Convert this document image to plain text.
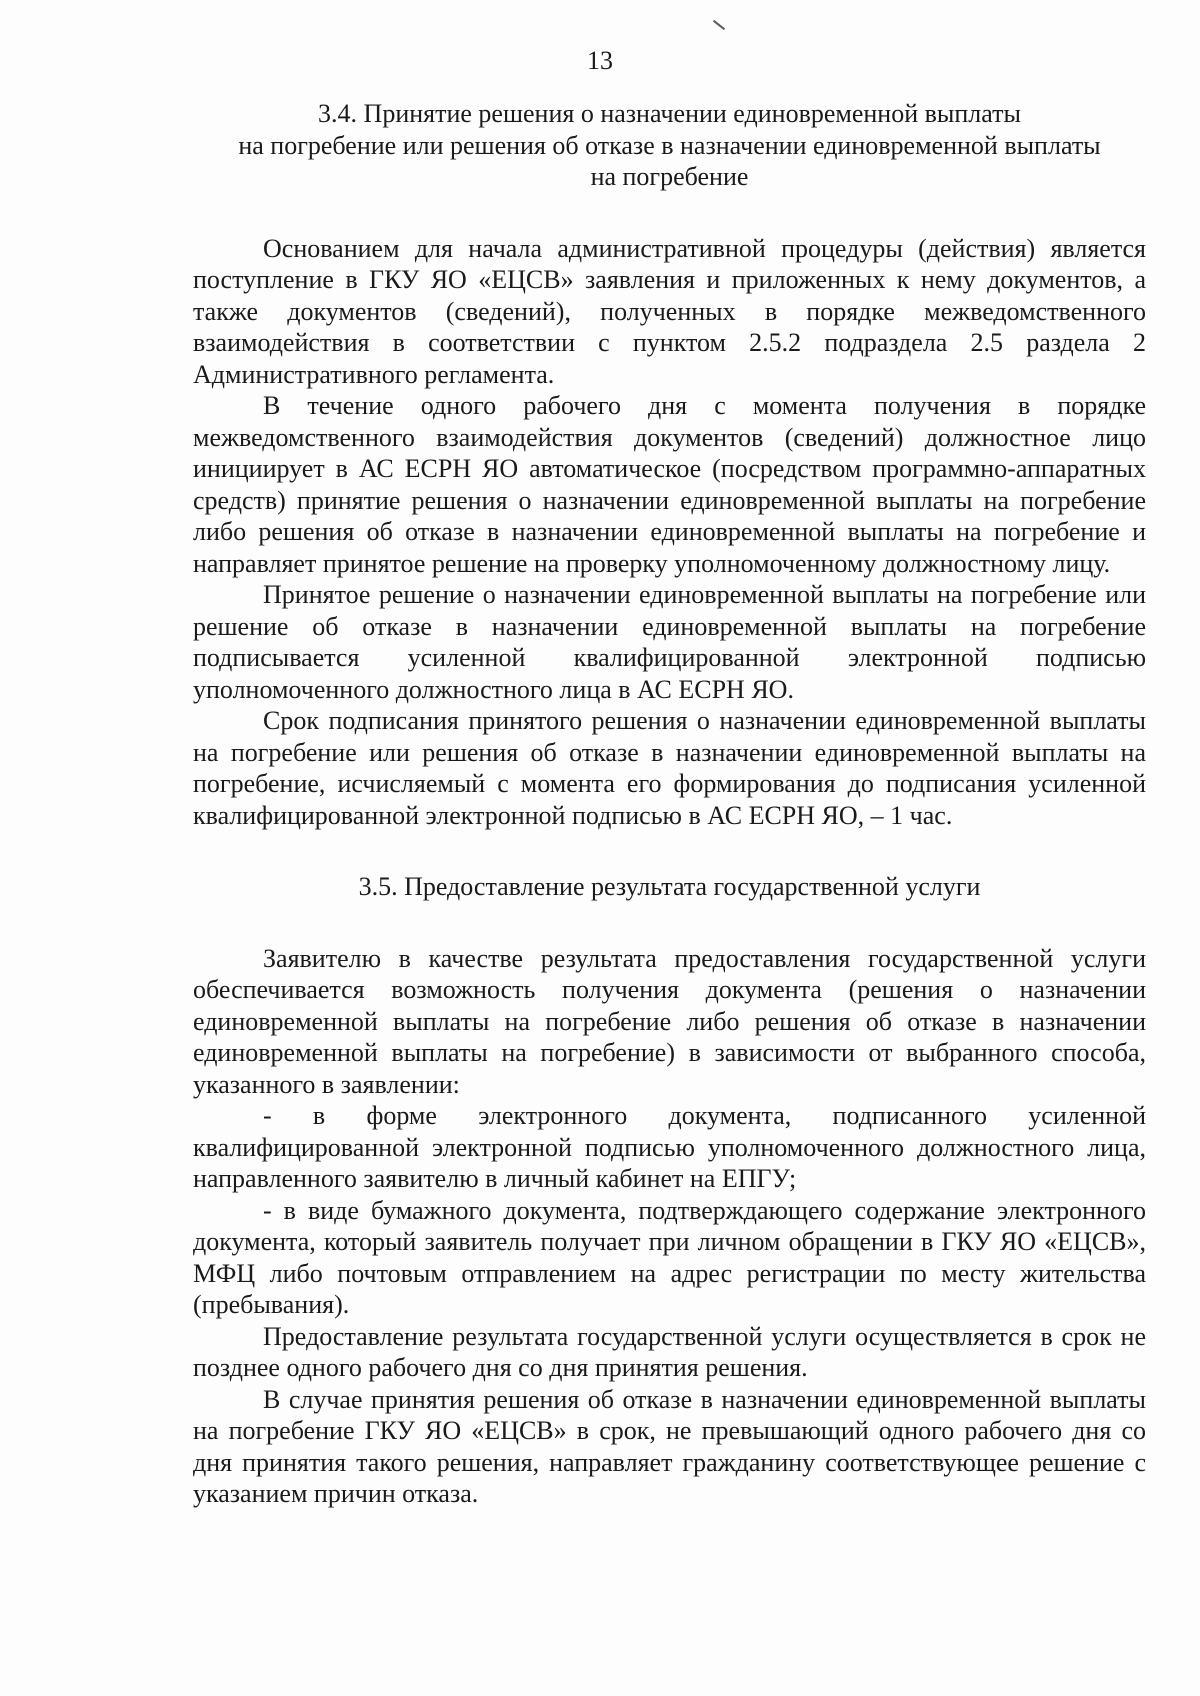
13
3.4. Принятие решения о назначении единовременной выплаты
на погребение или решения об отказе в назначении единовременной выплаты
на погребение

Основанием для начала административной процедуры (действия) является поступление в ГКУ ЯО «ЕЦСВ» заявления и приложенных к нему документов, а также документов (сведений), полученных в порядке межведомственного взаимодействия в соответствии с пунктом 2.5.2 подраздела 2.5 раздела 2 Административного регламента.

В течение одного рабочего дня с момента получения в порядке межведомственного взаимодействия документов (сведений) должностное лицо инициирует в АС ЕСРН ЯО автоматическое (посредством программно-аппаратных средств) принятие решения о назначении единовременной выплаты на погребение либо решения об отказе в назначении единовременной выплаты на погребение и направляет принятое решение на проверку уполномоченному должностному лицу.

Принятое решение о назначении единовременной выплаты на погребение или решение об отказе в назначении единовременной выплаты на погребение подписывается усиленной квалифицированной электронной подписью уполномоченного должностного лица в АС ЕСРН ЯО.

Срок подписания принятого решения о назначении единовременной выплаты на погребение или решения об отказе в назначении единовременной выплаты на погребение, исчисляемый с момента его формирования до подписания усиленной квалифицированной электронной подписью в АС ЕСРН ЯО, – 1 час.

3.5. Предоставление результата государственной услуги

Заявителю в качестве результата предоставления государственной услуги обеспечивается возможность получения документа (решения о назначении единовременной выплаты на погребение либо решения об отказе в назначении единовременной выплаты на погребение) в зависимости от выбранного способа, указанного в заявлении:

- в форме электронного документа, подписанного усиленной квалифицированной электронной подписью уполномоченного должностного лица, направленного заявителю в личный кабинет на ЕПГУ;

- в виде бумажного документа, подтверждающего содержание электронного документа, который заявитель получает при личном обращении в ГКУ ЯО «ЕЦСВ», МФЦ либо почтовым отправлением на адрес регистрации по месту жительства (пребывания).

Предоставление результата государственной услуги осуществляется в срок не позднее одного рабочего дня со дня принятия решения.

В случае принятия решения об отказе в назначении единовременной выплаты на погребение ГКУ ЯО «ЕЦСВ» в срок, не превышающий одного рабочего дня со дня принятия такого решения, направляет гражданину соответствующее решение с указанием причин отказа.
